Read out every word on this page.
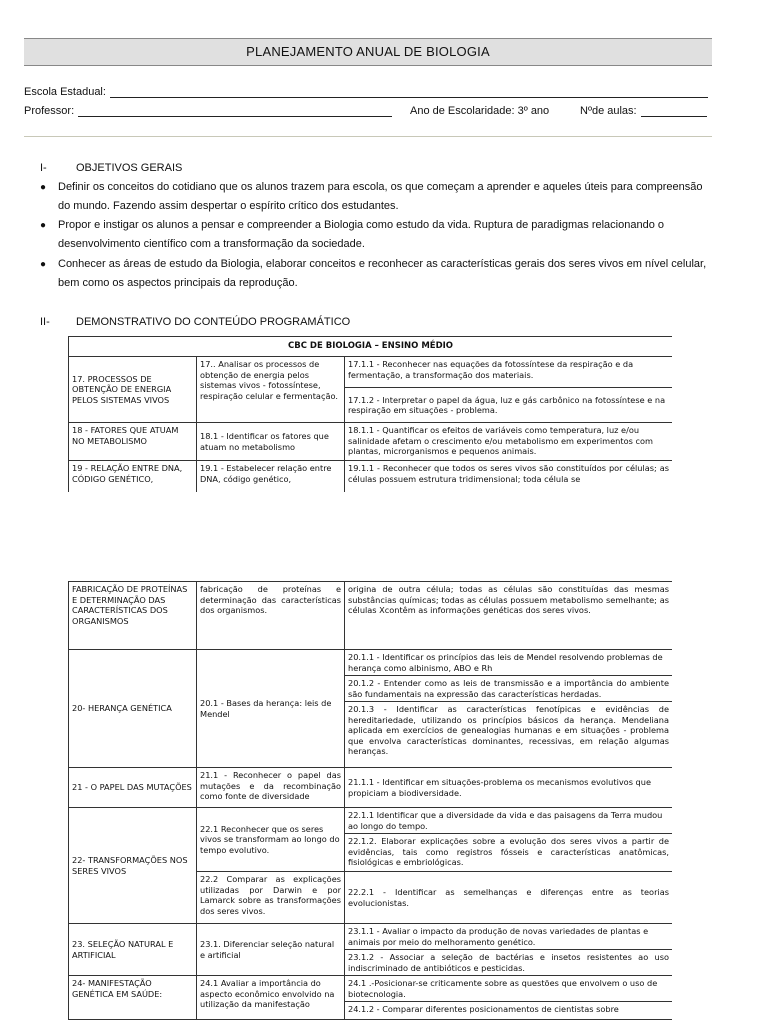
PLANEJAMENTO ANUAL DE BIOLOGIA
Escola Estadual:
Professor:	Ano de Escolaridade: 3º ano	Nºde aulas:
I-	OBJETIVOS GERAIS
● Definir os conceitos do cotidiano que os alunos trazem para escola, os que começam a aprender e aqueles úteis para compreensão
do mundo. Fazendo assim despertar o espírito crítico dos estudantes.
● Propor e instigar os alunos a pensar e compreender a Biologia como estudo da vida. Ruptura de paradigmas relacionando o
desenvolvimento científico com a transformação da sociedade.
● Conhecer as áreas de estudo da Biologia, elaborar conceitos e reconhecer as características gerais dos seres vivos em nível celular,
bem como os aspectos principais da reprodução.
II- DEMONSTRATIVO DO CONTEÚDO PROGRAMÁTICO
CBC DE BIOLOGIA – ENSINO MÉDIO		
17. PROCESSOS DE OBTENÇÃO DE ENERGIA PELOS SISTEMAS VIVOS	17.. Analisar os processos de obtenção de energia pelos sistemas vivos - fotossíntese, respiração celular e fermentação.	17.1.1 - Reconhecer nas equações da fotossíntese da respiração e da fermentação, a transformação dos materiais.
		17.1.2 - Interpretar o papel da água, luz e gás carbônico na fotossíntese e na respiração em situações - problema.
18 - FATORES QUE ATUAM NO METABOLISMO	18.1 - Identificar os fatores que atuam no metabolismo	18.1.1 - Quantificar os efeitos de variáveis como temperatura, luz e/ou salinidade afetam o crescimento e/ou metabolismo em experimentos com plantas, microrganismos e pequenos animais.
19 - RELAÇÃO ENTRE DNA, CÓDIGO GENÉTICO,	19.1 - Estabelecer relação entre DNA, código genético,	19.1.1 - Reconhecer que todos os seres vivos são constituídos por células; as células possuem estrutura tridimensional; toda célula se
FABRICAÇÃO DE PROTEÍNAS E DETERMINAÇÃO DAS CARACTERÍSTICAS DOS ORGANISMOS	fabricação de proteínas e determinação das características dos organismos.	origina de outra célula; todas as células são constituídas das mesmas substâncias químicas; todas as células possuem metabolismo semelhante; as células Xcontêm as informações genéticas dos seres vivos.
20- HERANÇA GENÉTICA	20.1 - Bases da herança: leis de Mendel	20.1.1 - Identificar os princípios das leis de Mendel resolvendo problemas de herança como albinismo, ABO e Rh
		20.1.2 - Entender como as leis de transmissão e a importância do ambiente são fundamentais na expressão das características herdadas.
		20.1.3 - Identificar as características fenotípicas e evidências de hereditariedade, utilizando os princípios básicos da herança. Mendeliana aplicada em exercícios de genealogias humanas e em situações - problema que envolva características dominantes, recessivas, em relação algumas heranças.
21 - O PAPEL DAS MUTAÇÕES	21.1 - Reconhecer o papel das mutações e da recombinação como fonte de diversidade	21.1.1 - Identificar em situações-problema os mecanismos evolutivos que propiciam a biodiversidade.
22- TRANSFORMAÇÕES NOS SERES VIVOS	22.1 Reconhecer que os seres vivos se transformam ao longo do tempo evolutivo.	22.1.1 Identificar que a diversidade da vida e das paisagens da Terra mudou ao longo do tempo.
		22.1.2. Elaborar explicações sobre a evolução dos seres vivos a partir de evidências, tais como registros fósseis e características anatômicas, fisiológicas e embriológicas.
	22.2 Comparar as explicações utilizadas por Darwin e por Lamarck sobre as transformações dos seres vivos.	22.2.1 - Identificar as semelhanças e diferenças entre as teorias evolucionistas.
23. SELEÇÃO NATURAL E ARTIFICIAL	23.1. Diferenciar seleção natural e artificial	23.1.1 - Avaliar o impacto da produção de novas variedades de plantas e animais por meio do melhoramento genético.
		23.1.2 - Associar a seleção de bactérias e insetos resistentes ao uso indiscriminado de antibióticos e pesticidas.
24- MANIFESTAÇÃO GENÉTICA EM SAÚDE:	24.1 Avaliar a importância do aspecto econômico envolvido na utilização da manifestação	24.1 .-Posicionar-se criticamente sobre as questões que envolvem o uso de biotecnologia.
		24.1.2 - Comparar diferentes posicionamentos de cientistas sobre
